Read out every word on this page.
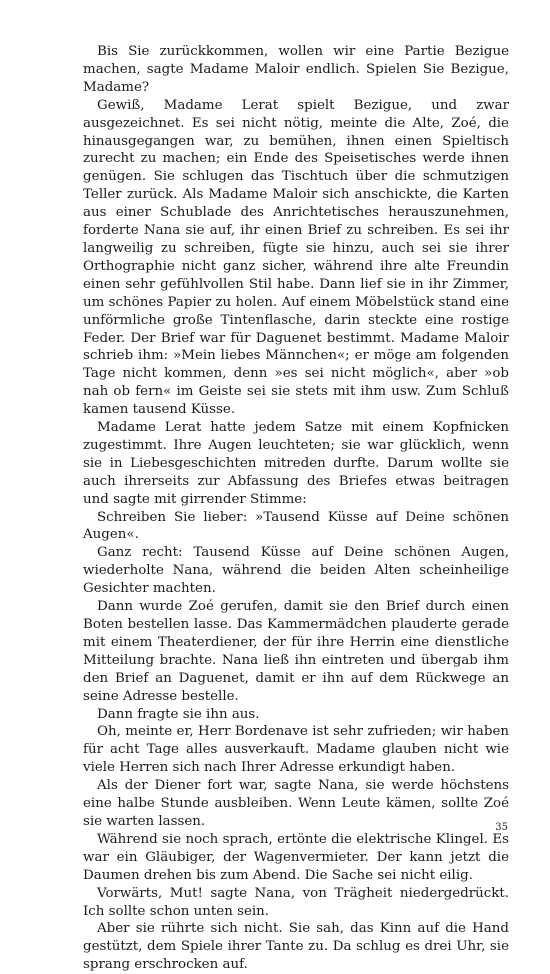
Bis Sie zurückkommen, wollen wir eine Partie Bezigue machen, sagte Madame Maloir endlich. Spielen Sie Bezigue, Madame?

Gewiß, Madame Lerat spielt Bezigue, und zwar ausgezeichnet. Es sei nicht nötig, meinte die Alte, Zoé, die hinausgegangen war, zu bemühen, ihnen einen Spieltisch zurecht zu machen; ein Ende des Speisetisches werde ihnen genügen. Sie schlugen das Tischtuch über die schmutzigen Teller zurück. Als Madame Maloir sich anschickte, die Karten aus einer Schublade des Anrichtetisches herauszunehmen, forderte Nana sie auf, ihr einen Brief zu schreiben. Es sei ihr langweilig zu schreiben, fügte sie hinzu, auch sei sie ihrer Orthographie nicht ganz sicher, während ihre alte Freundin einen sehr gefühlvollen Stil habe. Dann lief sie in ihr Zimmer, um schönes Papier zu holen. Auf einem Möbelstück stand eine unförmliche große Tintenflasche, darin steckte eine rostige Feder. Der Brief war für Daguenet bestimmt. Madame Maloir schrieb ihm: »Mein liebes Männchen«; er möge am folgenden Tage nicht kommen, denn »es sei nicht möglich«, aber »ob nah ob fern« im Geiste sei sie stets mit ihm usw. Zum Schluß kamen tausend Küsse.

Madame Lerat hatte jedem Satze mit einem Kopfnicken zugestimmt. Ihre Augen leuchteten; sie war glücklich, wenn sie in Liebesgeschichten mitreden durfte. Darum wollte sie auch ihrerseits zur Abfassung des Briefes etwas beitragen und sagte mit girrender Stimme:

Schreiben Sie lieber: »Tausend Küsse auf Deine schönen Augen«.

Ganz recht: Tausend Küsse auf Deine schönen Augen, wiederholte Nana, während die beiden Alten scheinheilige Gesichter machten.

Dann wurde Zoé gerufen, damit sie den Brief durch einen Boten bestellen lasse. Das Kammermädchen plauderte gerade mit einem Theaterdiener, der für ihre Herrin eine dienstliche Mitteilung brachte. Nana ließ ihn eintreten und übergab ihm den Brief an Daguenet, damit er ihn auf dem Rückwege an seine Adresse bestelle.

Dann fragte sie ihn aus.

Oh, meinte er, Herr Bordenave ist sehr zufrieden; wir haben für acht Tage alles ausverkauft. Madame glauben nicht wie viele Herren sich nach Ihrer Adresse erkundigt haben.

Als der Diener fort war, sagte Nana, sie werde höchstens eine halbe Stunde ausbleiben. Wenn Leute kämen, sollte Zoé sie warten lassen.

Während sie noch sprach, ertönte die elektrische Klingel. Es war ein Gläubiger, der Wagenvermieter. Der kann jetzt die Daumen drehen bis zum Abend. Die Sache sei nicht eilig.

Vorwärts, Mut! sagte Nana, von Trägheit niedergedrückt. Ich sollte schon unten sein.

Aber sie rührte sich nicht. Sie sah, das Kinn auf die Hand gestützt, dem Spiele ihrer Tante zu. Da schlug es drei Uhr, sie sprang erschrocken auf.

35
